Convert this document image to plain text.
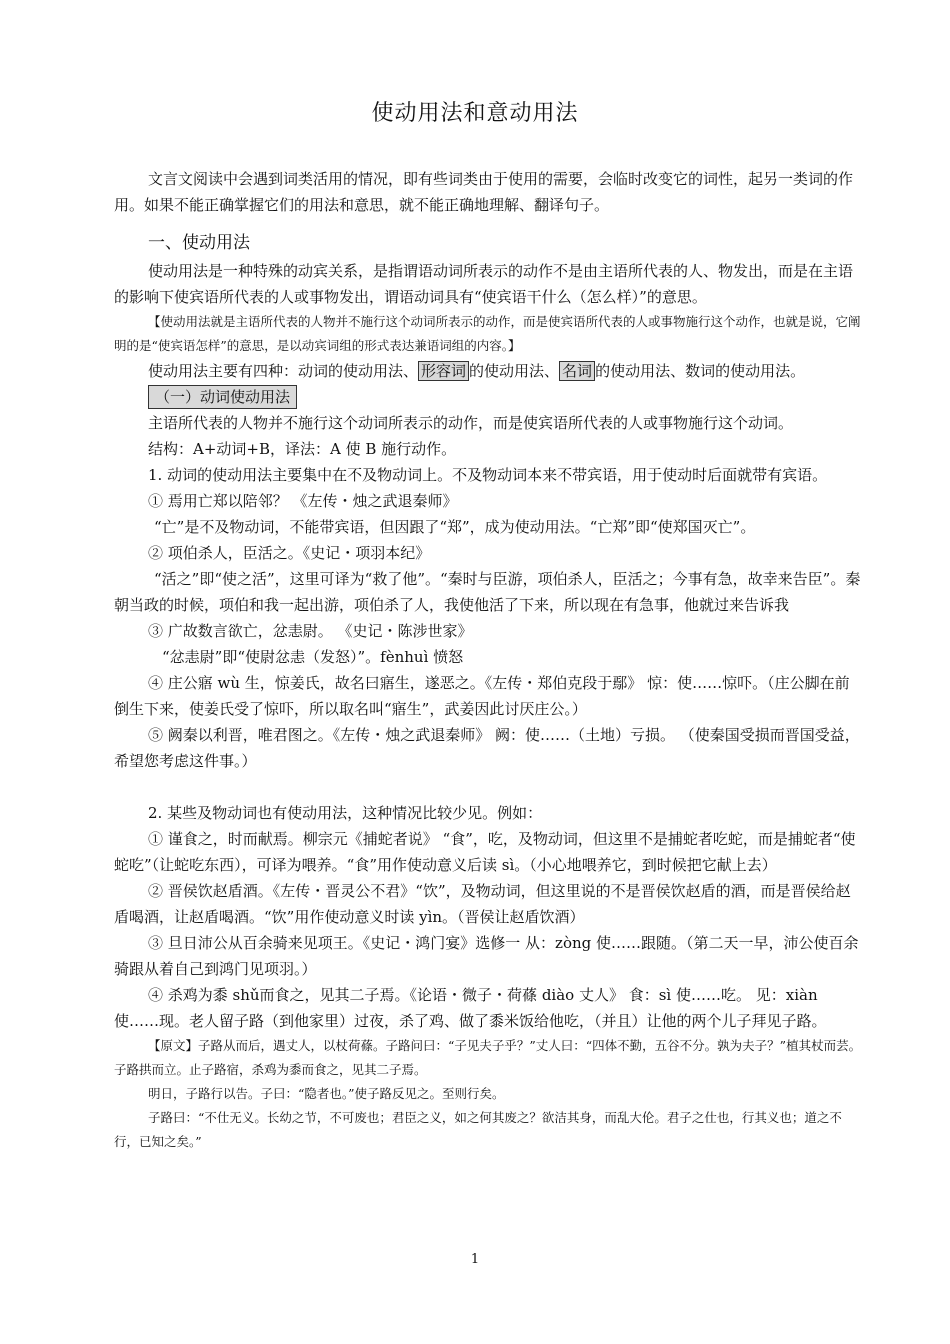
使动用法和意动用法

文言文阅读中会遇到词类活用的情况，即有些词类由于使用的需要，会临时改变它的词性，起另一类词的作用。如果不能正确掌握它们的用法和意思，就不能正确地理解、翻译句子。

一、使动用法

使动用法是一种特殊的动宾关系，是指谓语动词所表示的动作不是由主语所代表的人、物发出，而是在主语的影响下使宾语所代表的人或事物发出，谓语动词具有“使宾语干什么（怎么样）”的意思。

【使动用法就是主语所代表的人物并不施行这个动词所表示的动作，而是使宾语所代表的人或事物施行这个动作，也就是说，它阐明的是“使宾语怎样”的意思，是以动宾词组的形式表达兼语词组的内容。】

使动用法主要有四种：动词的使动用法、 形容词 的使动用法、 名词 的使动用法、数词的使动用法。

（一）动词使动用法

主语所代表的人物并不施行这个动词所表示的动作，而是使宾语所代表的人或事物施行这个动词。

结构：A+动词+B，译法：A 使 B 施行动作。

1. 动词的使动用法主要集中在不及物动词上。不及物动词本来不带宾语，用于使动时后面就带有宾语。

① 焉用亡郑以陪邻？ 《左传・烛之武退秦师》

“亡”是不及物动词，不能带宾语，但因跟了“郑”，成为使动用法。“亡郑”即“使郑国灭亡”。

② 项伯杀人，臣活之。《史记・项羽本纪》

“活之”即“使之活”，这里可译为“救了他”。“秦时与臣游，项伯杀人，臣活之；今事有急，故幸来告臣”。秦朝当政的时候，项伯和我一起出游，项伯杀了人，我使他活了下来，所以现在有急事，他就过来告诉我

③ 广故数言欲亡，忿恚尉。 《史记・陈涉世家》

“忿恚尉”即“使尉忿恚（发怒）”。fènhuì 愤怒

④ 庄公寤 wù 生，惊姜氏，故名曰寤生，遂恶之。《左传・郑伯克段于鄢》 惊：使……惊吓。（庄公脚在前倒生下来，使姜氏受了惊吓，所以取名叫“寤生”，武姜因此讨厌庄公。）

⑤ 阙秦以利晋，唯君图之。《左传・烛之武退秦师》 阙：使……（土地）亏损。 （使秦国受损而晋国受益，希望您考虑这件事。）

2. 某些及物动词也有使动用法，这种情况比较少见。例如：

① 谨食之，时而献焉。柳宗元《捕蛇者说》 “食”，吃，及物动词，但这里不是捕蛇者吃蛇，而是捕蛇者“使蛇吃”（让蛇吃东西），可译为喂养。“食”用作使动意义后读 sì。（小心地喂养它，到时候把它献上去）

② 晋侯饮赵盾酒。《左传・晋灵公不君》“饮”，及物动词，但这里说的不是晋侯饮赵盾的酒，而是晋侯给赵盾喝酒，让赵盾喝酒。“饮”用作使动意义时读 yìn。（晋侯让赵盾饮酒）

③ 旦日沛公从百余骑来见项王。《史记・鸿门宴》选修一 从：zòng 使……跟随。（第二天一早，沛公使百余骑跟从着自己到鸿门见项羽。）

④ 杀鸡为黍 shǔ而食之，见其二子焉。《论语・微子・荷蓧 diào 丈人》 食：sì 使……吃。 见：xiàn 使……现。老人留子路（到他家里）过夜，杀了鸡、做了黍米饭给他吃，（并且）让他的两个儿子拜见子路。

【原文】子路从而后，遇丈人，以杖荷蓧。子路问曰：“子见夫子乎？”丈人曰：“四体不勤，五谷不分。孰为夫子？”植其杖而芸。子路拱而立。止子路宿，杀鸡为黍而食之，见其二子焉。

明日，子路行以告。子曰：“隐者也。”使子路反见之。至则行矣。

子路曰：“不仕无义。长幼之节，不可废也；君臣之义，如之何其废之？欲洁其身，而乱大伦。君子之仕也，行其义也；道之不行，已知之矣。”

1
